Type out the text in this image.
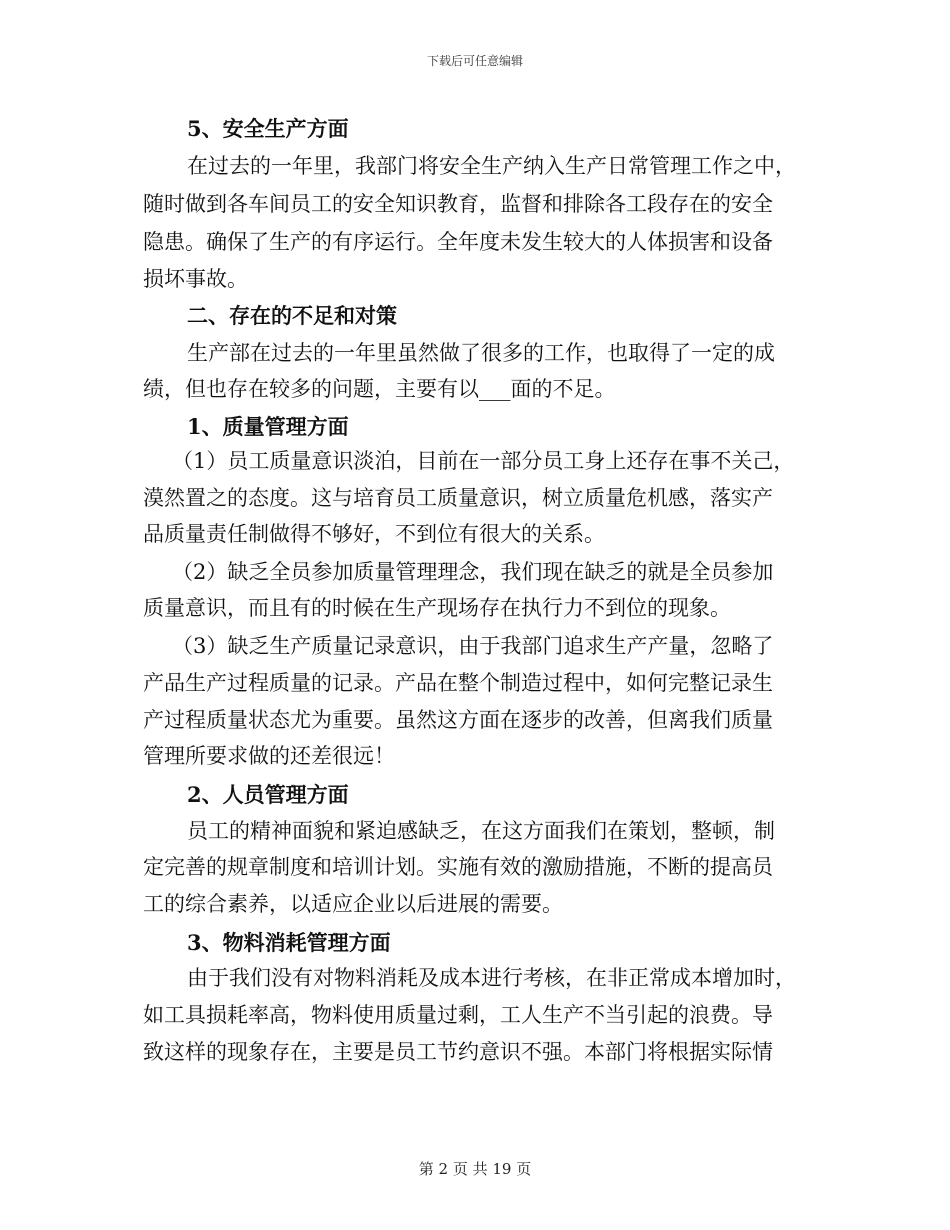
下载后可任意编辑
5、安全生产方面
在过去的一年里，我部门将安全生产纳入生产日常管理工作之中，
随时做到各车间员工的安全知识教育，监督和排除各工段存在的安全
隐患。确保了生产的有序运行。全年度未发生较大的人体损害和设备
损坏事故。
二、存在的不足和对策
生产部在过去的一年里虽然做了很多的工作，也取得了一定的成
绩，但也存在较多的问题，主要有以___面的不足。
1、质量管理方面
（1）员工质量意识淡泊，目前在一部分员工身上还存在事不关己，
漠然置之的态度。这与培育员工质量意识，树立质量危机感，落实产
品质量责任制做得不够好，不到位有很大的关系。
（2）缺乏全员参加质量管理理念，我们现在缺乏的就是全员参加
质量意识，而且有的时候在生产现场存在执行力不到位的现象。
（3）缺乏生产质量记录意识，由于我部门追求生产产量，忽略了
产品生产过程质量的记录。产品在整个制造过程中，如何完整记录生
产过程质量状态尤为重要。虽然这方面在逐步的改善，但离我们质量
管理所要求做的还差很远！
2、人员管理方面
员工的精神面貌和紧迫感缺乏，在这方面我们在策划，整顿，制
定完善的规章制度和培训计划。实施有效的激励措施，不断的提高员
工的综合素养，以适应企业以后进展的需要。
3、物料消耗管理方面
由于我们没有对物料消耗及成本进行考核，在非正常成本增加时，
如工具损耗率高，物料使用质量过剩，工人生产不当引起的浪费。导
致这样的现象存在，主要是员工节约意识不强。本部门将根据实际情
第 2 页 共 19 页
